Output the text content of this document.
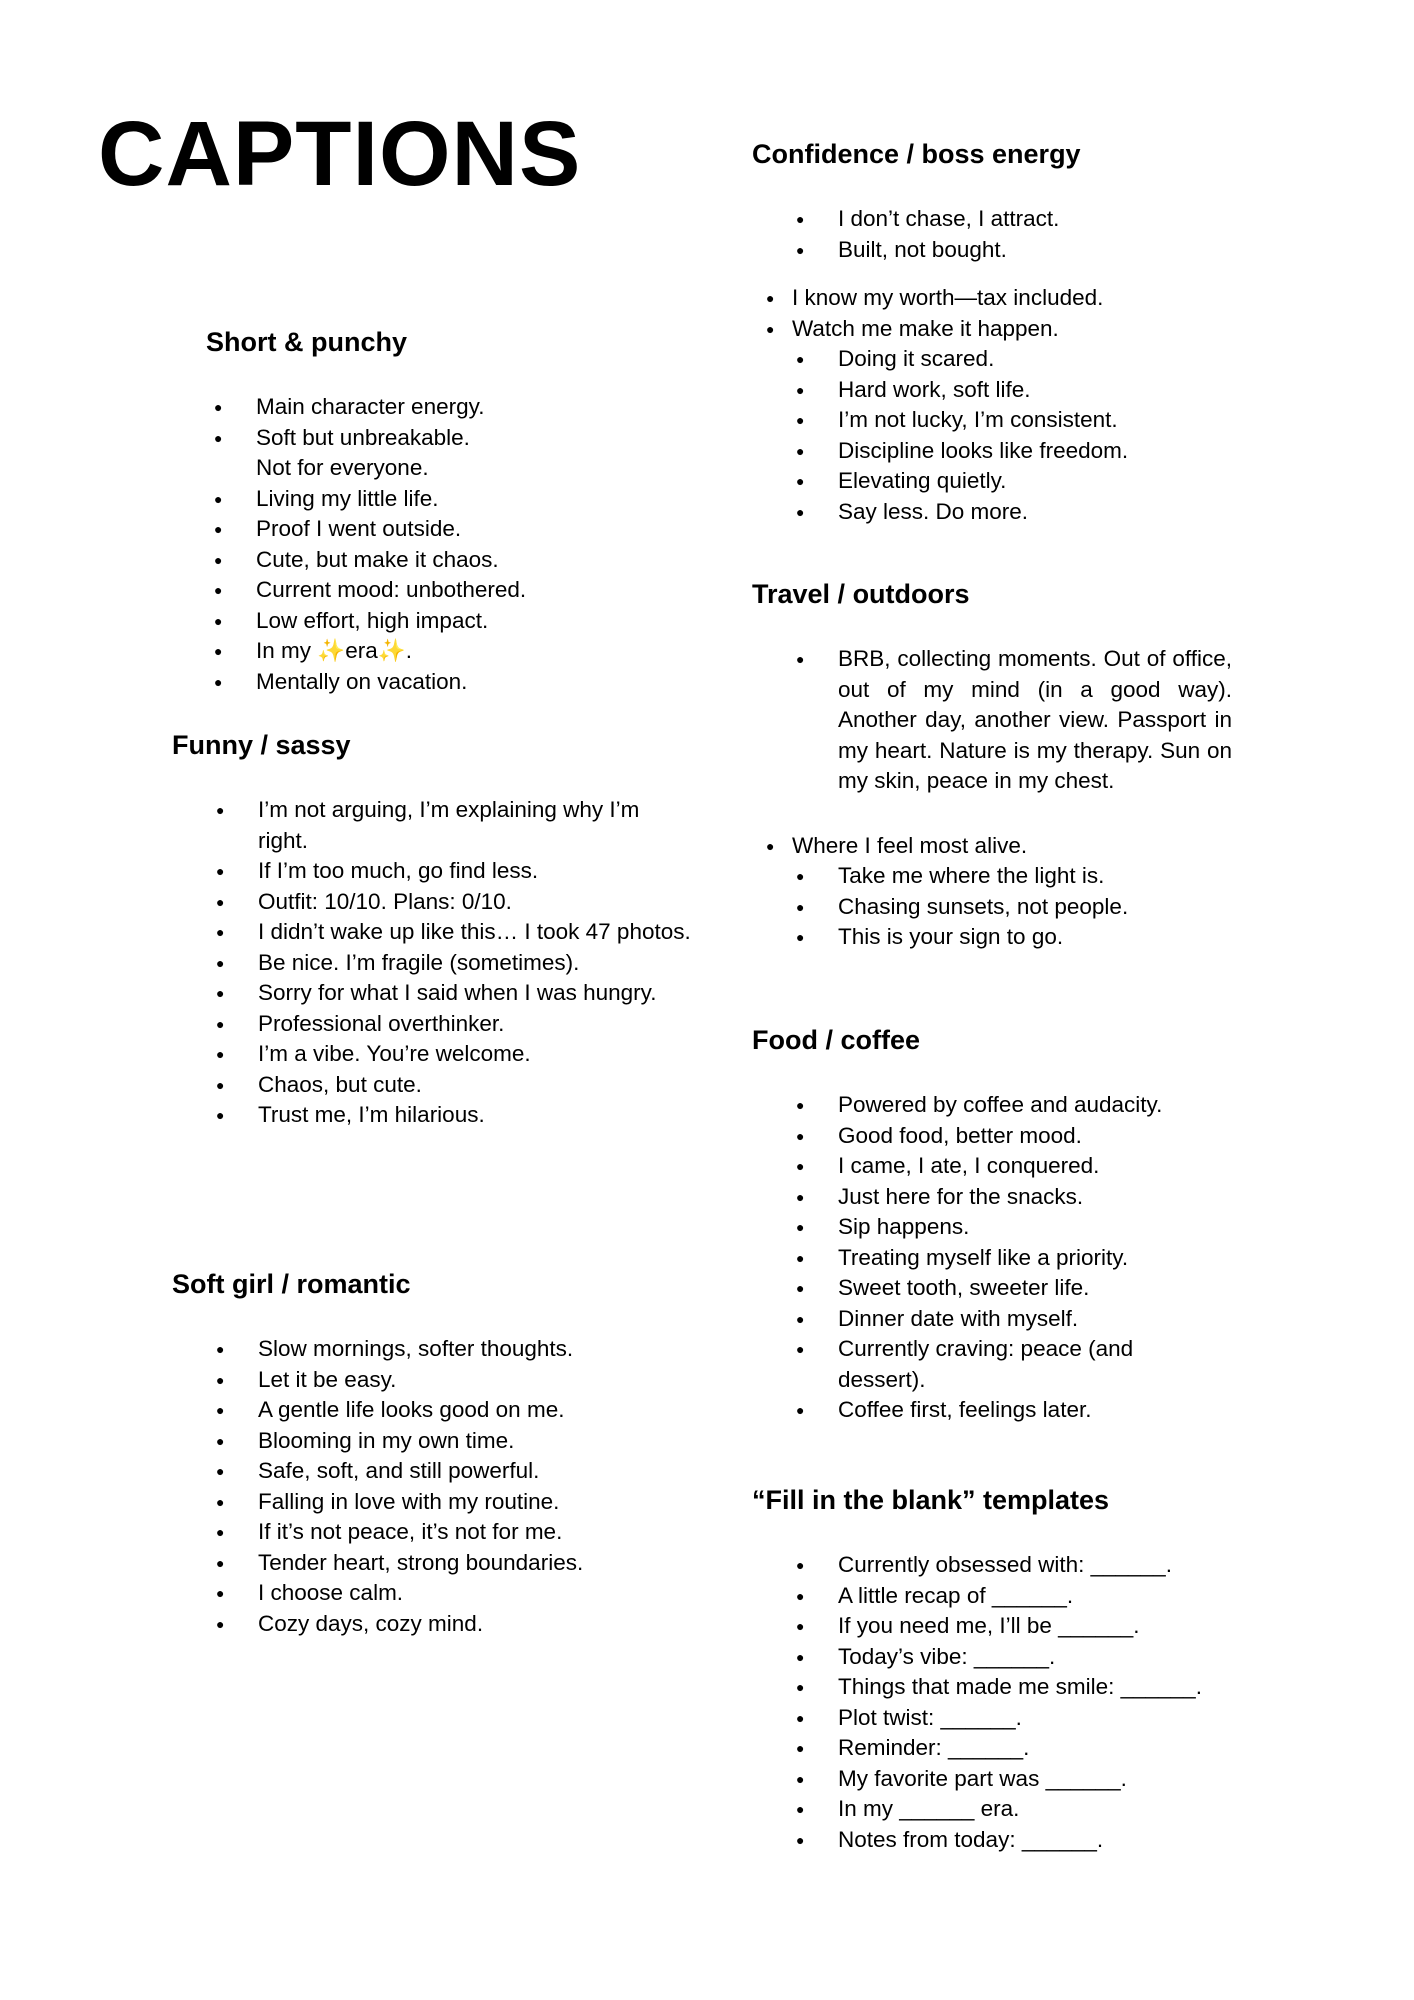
CAPTIONS
Short & punchy
● Main character energy.
● Soft but unbreakable.
Not for everyone.
● Living my little life.
● Proof I went outside.
● Cute, but make it chaos.
● Current mood: unbothered.
● Low effort, high impact.
● In my ✨era✨.
● Mentally on vacation.
Funny / sassy
● I’m not arguing, I’m explaining why I’m right.
● If I’m too much, go find less.
● Outfit: 10/10. Plans: 0/10.
● I didn’t wake up like this… I took 47 photos.
● Be nice. I’m fragile (sometimes).
● Sorry for what I said when I was hungry.
● Professional overthinker.
● I’m a vibe. You’re welcome.
● Chaos, but cute.
● Trust me, I’m hilarious.
Soft girl / romantic
● Slow mornings, softer thoughts.
● Let it be easy.
● A gentle life looks good on me.
● Blooming in my own time.
● Safe, soft, and still powerful.
● Falling in love with my routine.
● If it’s not peace, it’s not for me.
● Tender heart, strong boundaries.
● I choose calm.
● Cozy days, cozy mind.
Confidence / boss energy
● I don’t chase, I attract.
● Built, not bought.
● I know my worth—tax included.
● Watch me make it happen.
● Doing it scared.
● Hard work, soft life.
● I’m not lucky, I’m consistent.
● Discipline looks like freedom.
● Elevating quietly.
● Say less. Do more.
Travel / outdoors
● BRB, collecting moments. Out of office, out of my mind (in a good way). Another day, another view. Passport in my heart. Nature is my therapy. Sun on my skin, peace in my chest.
● Where I feel most alive.
● Take me where the light is.
● Chasing sunsets, not people.
● This is your sign to go.
Food / coffee
● Powered by coffee and audacity.
● Good food, better mood.
● I came, I ate, I conquered.
● Just here for the snacks.
● Sip happens.
● Treating myself like a priority.
● Sweet tooth, sweeter life.
● Dinner date with myself.
● Currently craving: peace (and dessert).
● Coffee first, feelings later.
“Fill in the blank” templates
● Currently obsessed with: ______.
● A little recap of ______.
● If you need me, I’ll be ______.
● Today’s vibe: ______.
● Things that made me smile: ______.
● Plot twist: ______.
● Reminder: ______.
● My favorite part was ______.
● In my ______ era.
● Notes from today: ______.
